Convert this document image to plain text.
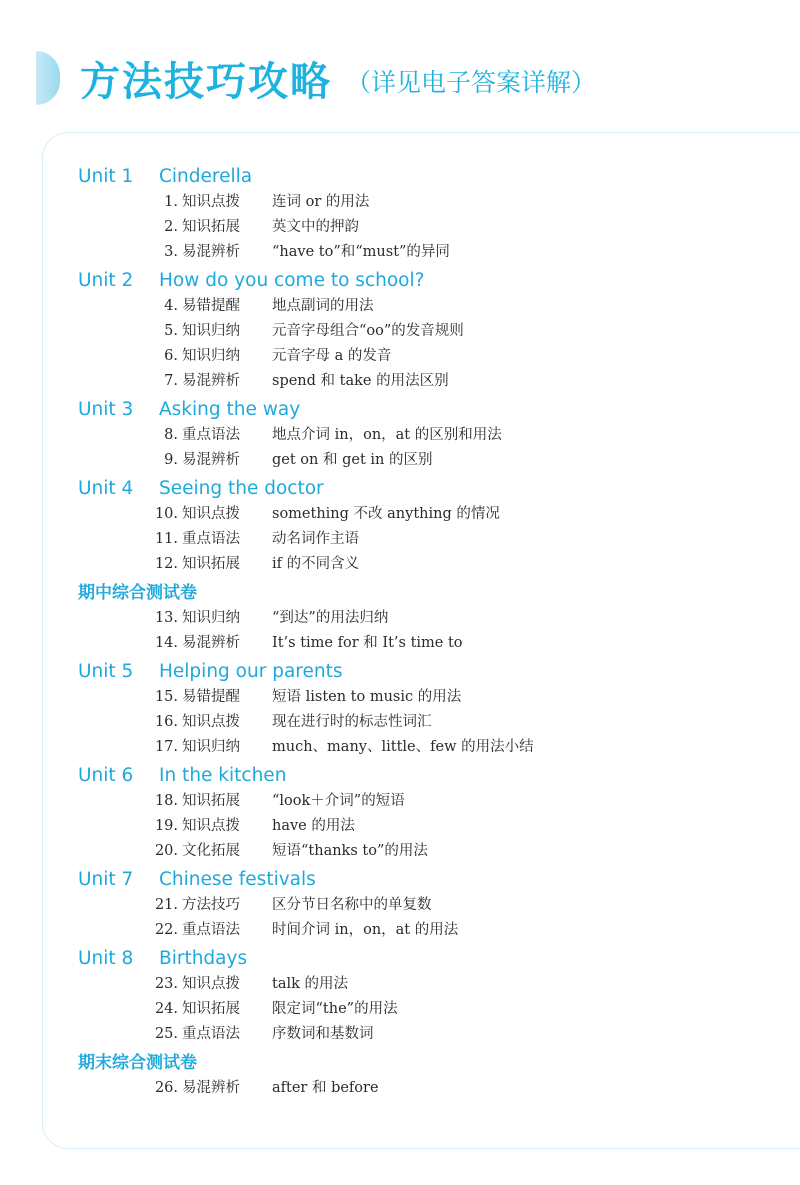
方法技巧攻略 （详见电子答案详解）
Unit 1	Cinderella
1. 知识点拨	连词 or 的用法
2. 知识拓展	英文中的押韵
3. 易混辨析	“have to”和“must”的异同
Unit 2	How do you come to school?
4. 易错提醒	地点副词的用法
5. 知识归纳	元音字母组合“oo”的发音规则
6. 知识归纳	元音字母 a 的发音
7. 易混辨析	spend 和 take 的用法区别
Unit 3	Asking the way
8. 重点语法	地点介词 in，on，at 的区别和用法
9. 易混辨析	get on 和 get in 的区别
Unit 4	Seeing the doctor
10. 知识点拨	something 不改 anything 的情况
11. 重点语法	动名词作主语
12. 知识拓展	if 的不同含义
期中综合测试卷
13. 知识归纳	“到达”的用法归纳
14. 易混辨析	It’s time for 和 It’s time to
Unit 5	Helping our parents
15. 易错提醒	短语 listen to music 的用法
16. 知识点拨	现在进行时的标志性词汇
17. 知识归纳	much、many、little、few 的用法小结
Unit 6	In the kitchen
18. 知识拓展	“look＋介词”的短语
19. 知识点拨	have 的用法
20. 文化拓展	短语“thanks to”的用法
Unit 7	Chinese festivals
21. 方法技巧	区分节日名称中的单复数
22. 重点语法	时间介词 in，on，at 的用法
Unit 8	Birthdays
23. 知识点拨	talk 的用法
24. 知识拓展	限定词“the”的用法
25. 重点语法	序数词和基数词
期末综合测试卷
26. 易混辨析	after 和 before
